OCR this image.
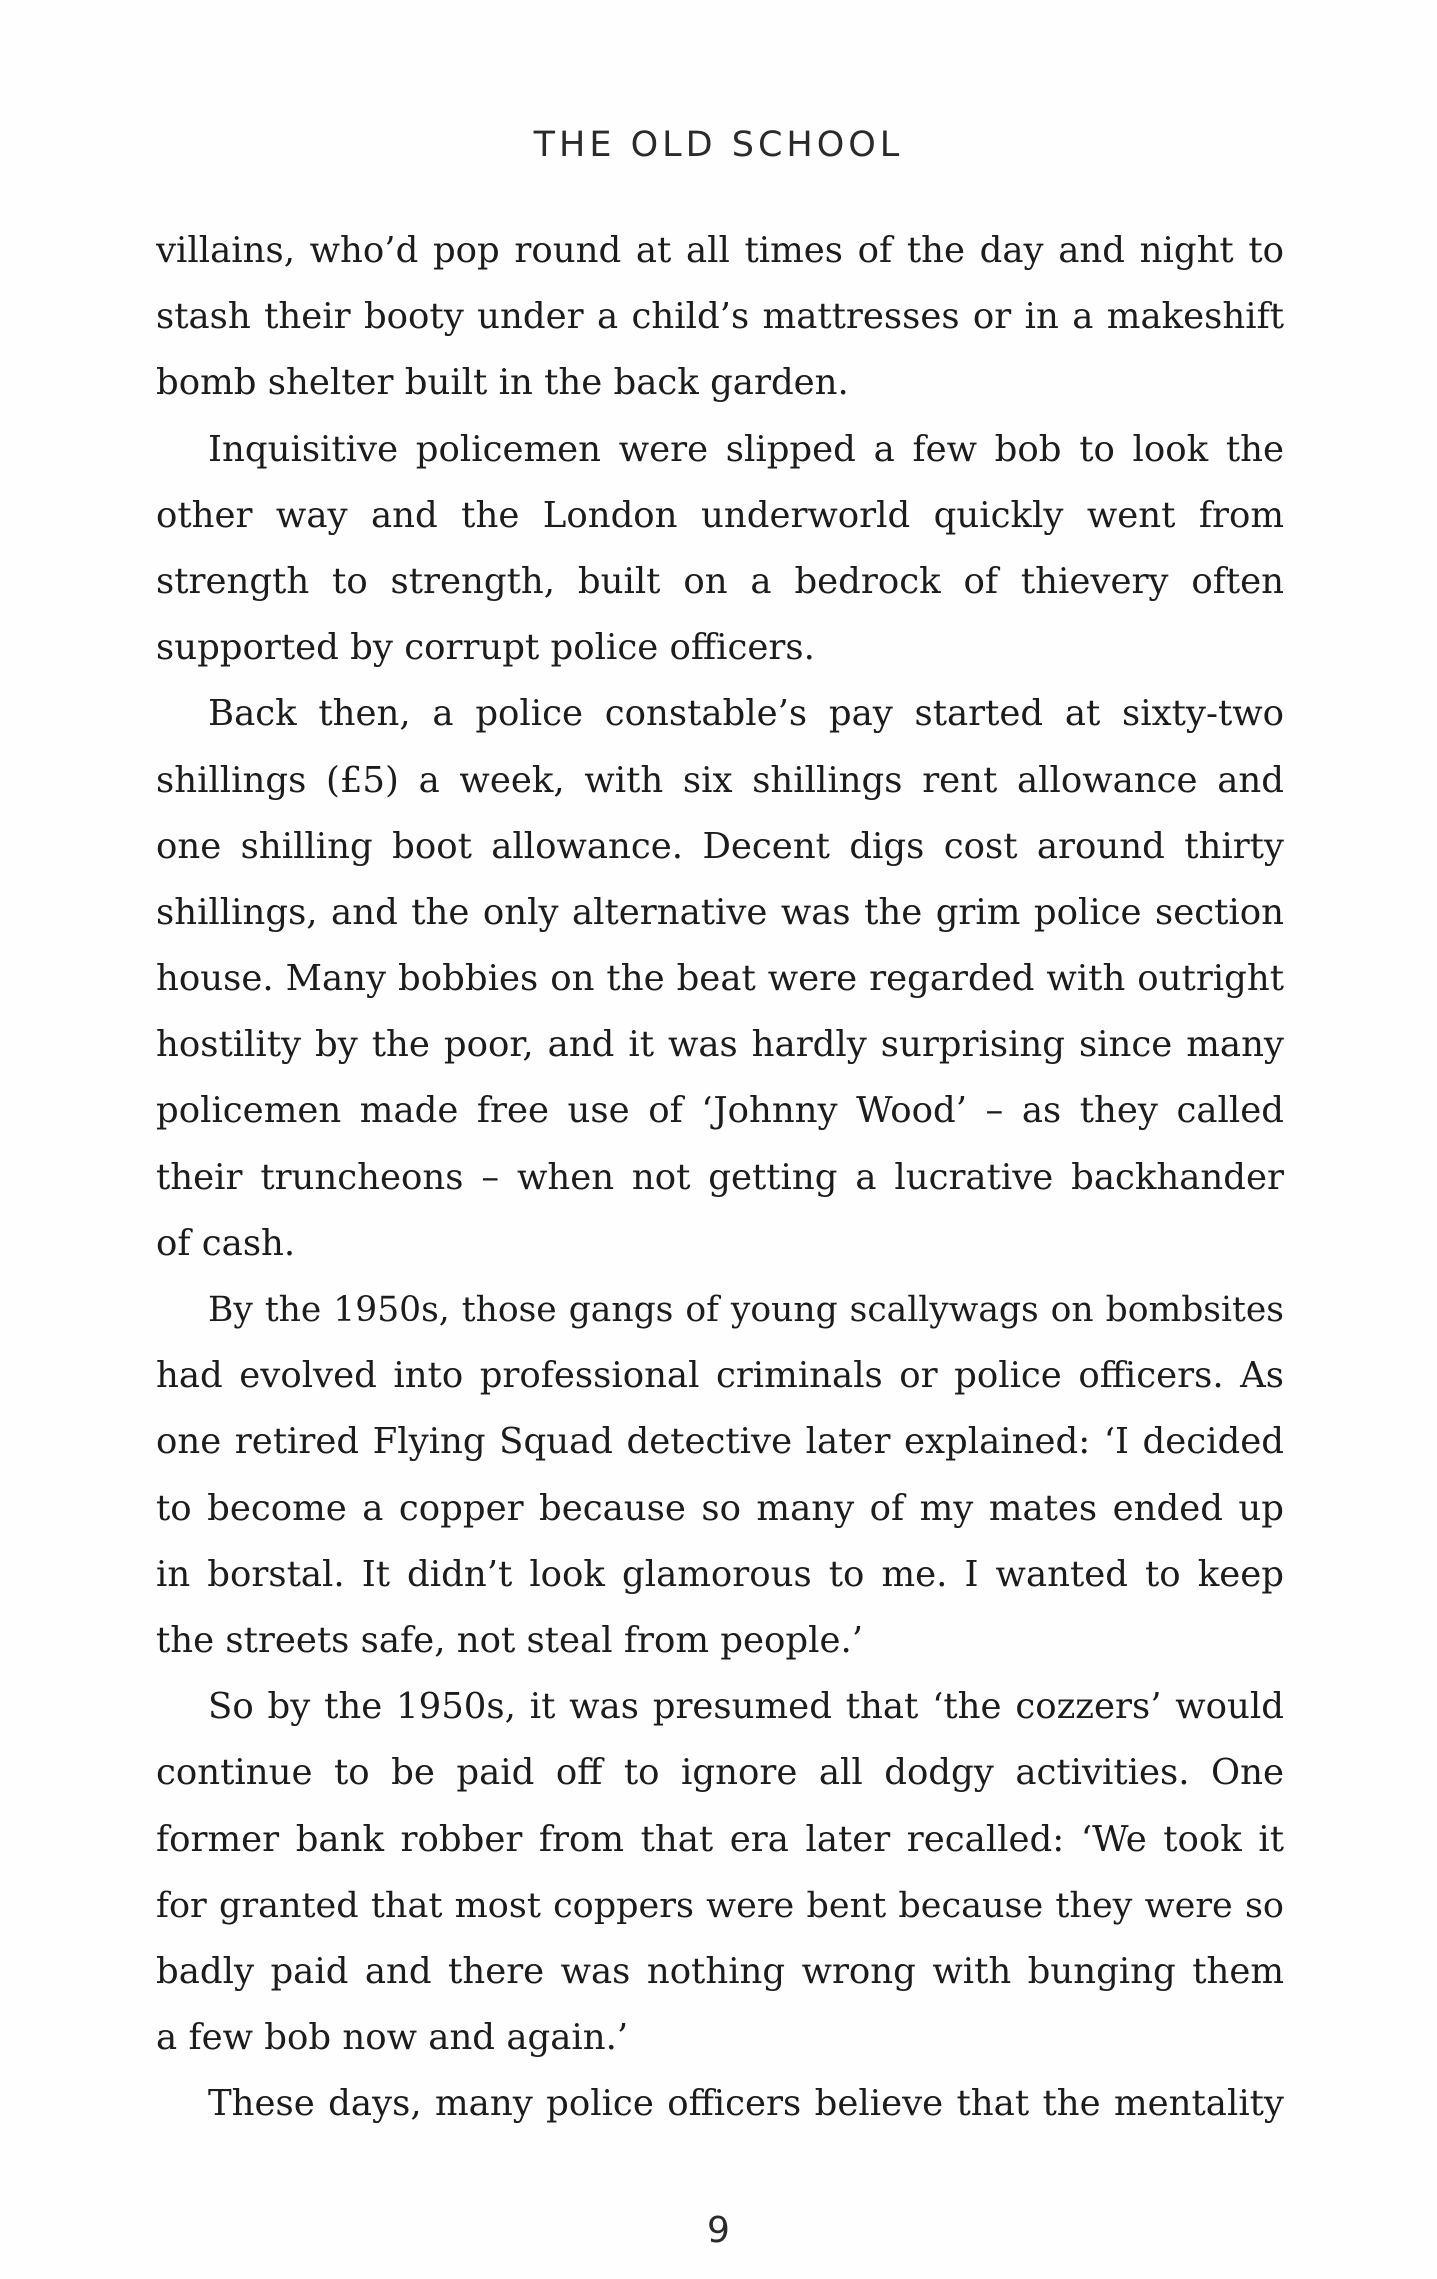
THE OLD SCHOOL
villains, who’d pop round at all times of the day and night to
stash their booty under a child’s mattresses or in a makeshift
bomb shelter built in the back garden.
Inquisitive policemen were slipped a few bob to look the
other way and the London underworld quickly went from
strength to strength, built on a bedrock of thievery often
supported by corrupt police officers.
Back then, a police constable’s pay started at sixty-two
shillings (£5) a week, with six shillings rent allowance and
one shilling boot allowance. Decent digs cost around thirty
shillings, and the only alternative was the grim police section
house. Many bobbies on the beat were regarded with outright
hostility by the poor, and it was hardly surprising since many
policemen made free use of ‘Johnny Wood’ – as they called
their truncheons – when not getting a lucrative backhander
of cash.
By the 1950s, those gangs of young scallywags on bombsites
had evolved into professional criminals or police officers. As
one retired Flying Squad detective later explained: ‘I decided
to become a copper because so many of my mates ended up
in borstal. It didn’t look glamorous to me. I wanted to keep
the streets safe, not steal from people.’
So by the 1950s, it was presumed that ‘the cozzers’ would
continue to be paid off to ignore all dodgy activities. One
former bank robber from that era later recalled: ‘We took it
for granted that most coppers were bent because they were so
badly paid and there was nothing wrong with bunging them
a few bob now and again.’
These days, many police officers believe that the mentality
9
